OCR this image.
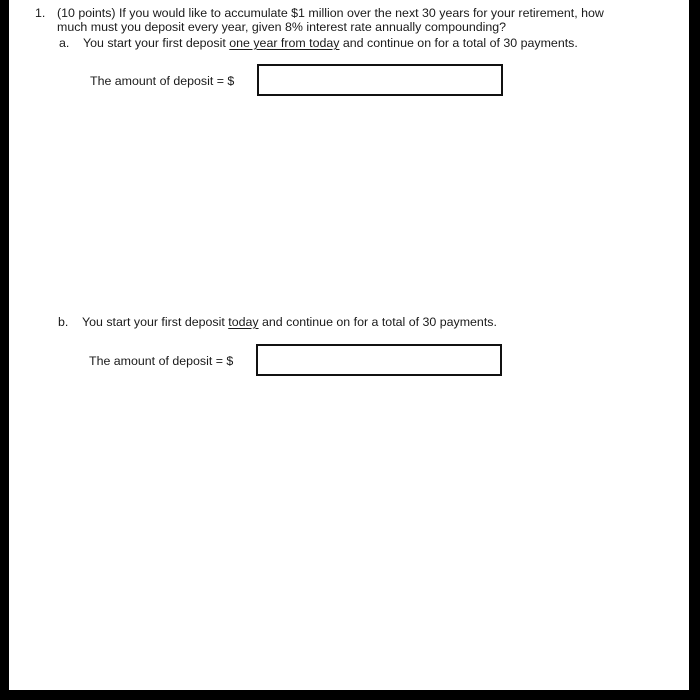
1. (10 points) If you would like to accumulate $1 million over the next 30 years for your retirement, how
much must you deposit every year, given 8% interest rate annually compounding?
a. You start your first deposit one year from today and continue on for a total of 30 payments.
The amount of deposit = $
b. You start your first deposit today and continue on for a total of 30 payments.
The amount of deposit = $
